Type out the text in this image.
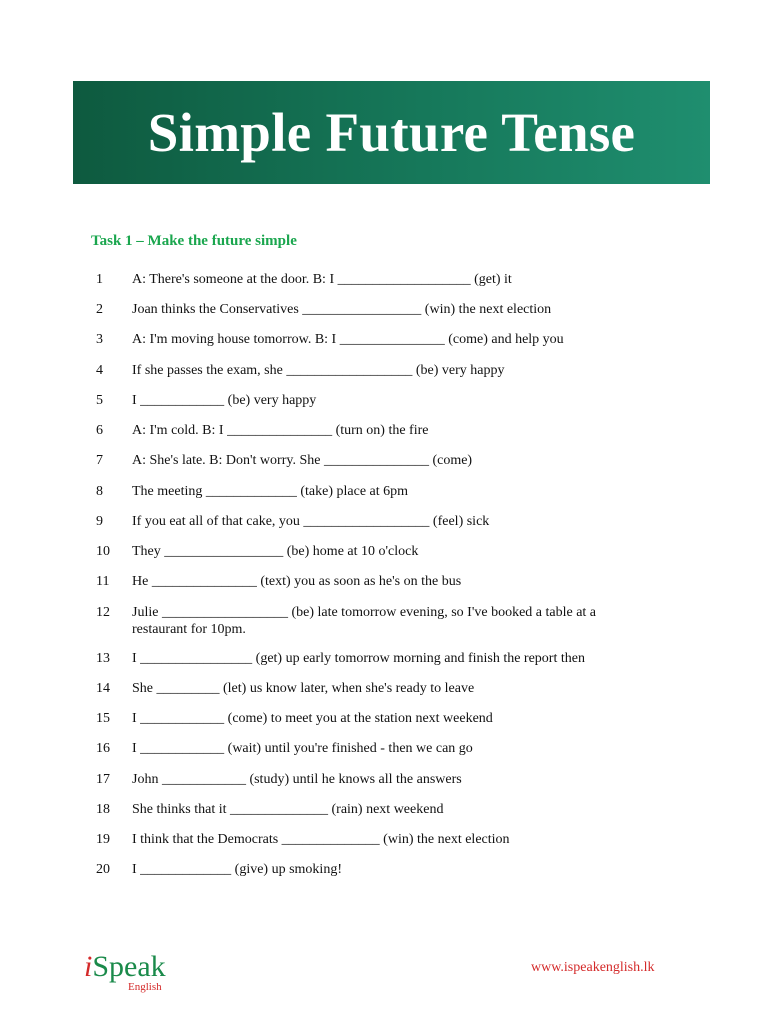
Simple Future Tense
Task 1 – Make the future simple
1	A: There's someone at the door. B: I ___________________ (get) it
2	Joan thinks the Conservatives _________________ (win) the next election
3	A: I'm moving house tomorrow. B: I _______________ (come) and help you
4	If she passes the exam, she __________________ (be) very happy
5	I ____________ (be) very happy
6	A: I'm cold. B: I _______________ (turn on) the fire
7	A: She's late. B: Don't worry. She _______________ (come)
8	The meeting _____________ (take) place at 6pm
9	If you eat all of that cake, you __________________ (feel) sick
10	They _________________ (be) home at 10 o'clock
11	He _______________ (text) you as soon as he's on the bus
12	Julie __________________ (be) late tomorrow evening, so I've booked a table at a restaurant for 10pm.
13	I ________________ (get) up early tomorrow morning and finish the report then
14	She _________ (let) us know later, when she's ready to leave
15	I ____________ (come) to meet you at the station next weekend
16	I ____________ (wait) until you're finished - then we can go
17	John ____________ (study) until he knows all the answers
18	She thinks that it ______________ (rain) next weekend
19	I think that the Democrats ______________ (win) the next election
20	I _____________ (give) up smoking!
iSpeak
English
www.ispeakenglish.lk
